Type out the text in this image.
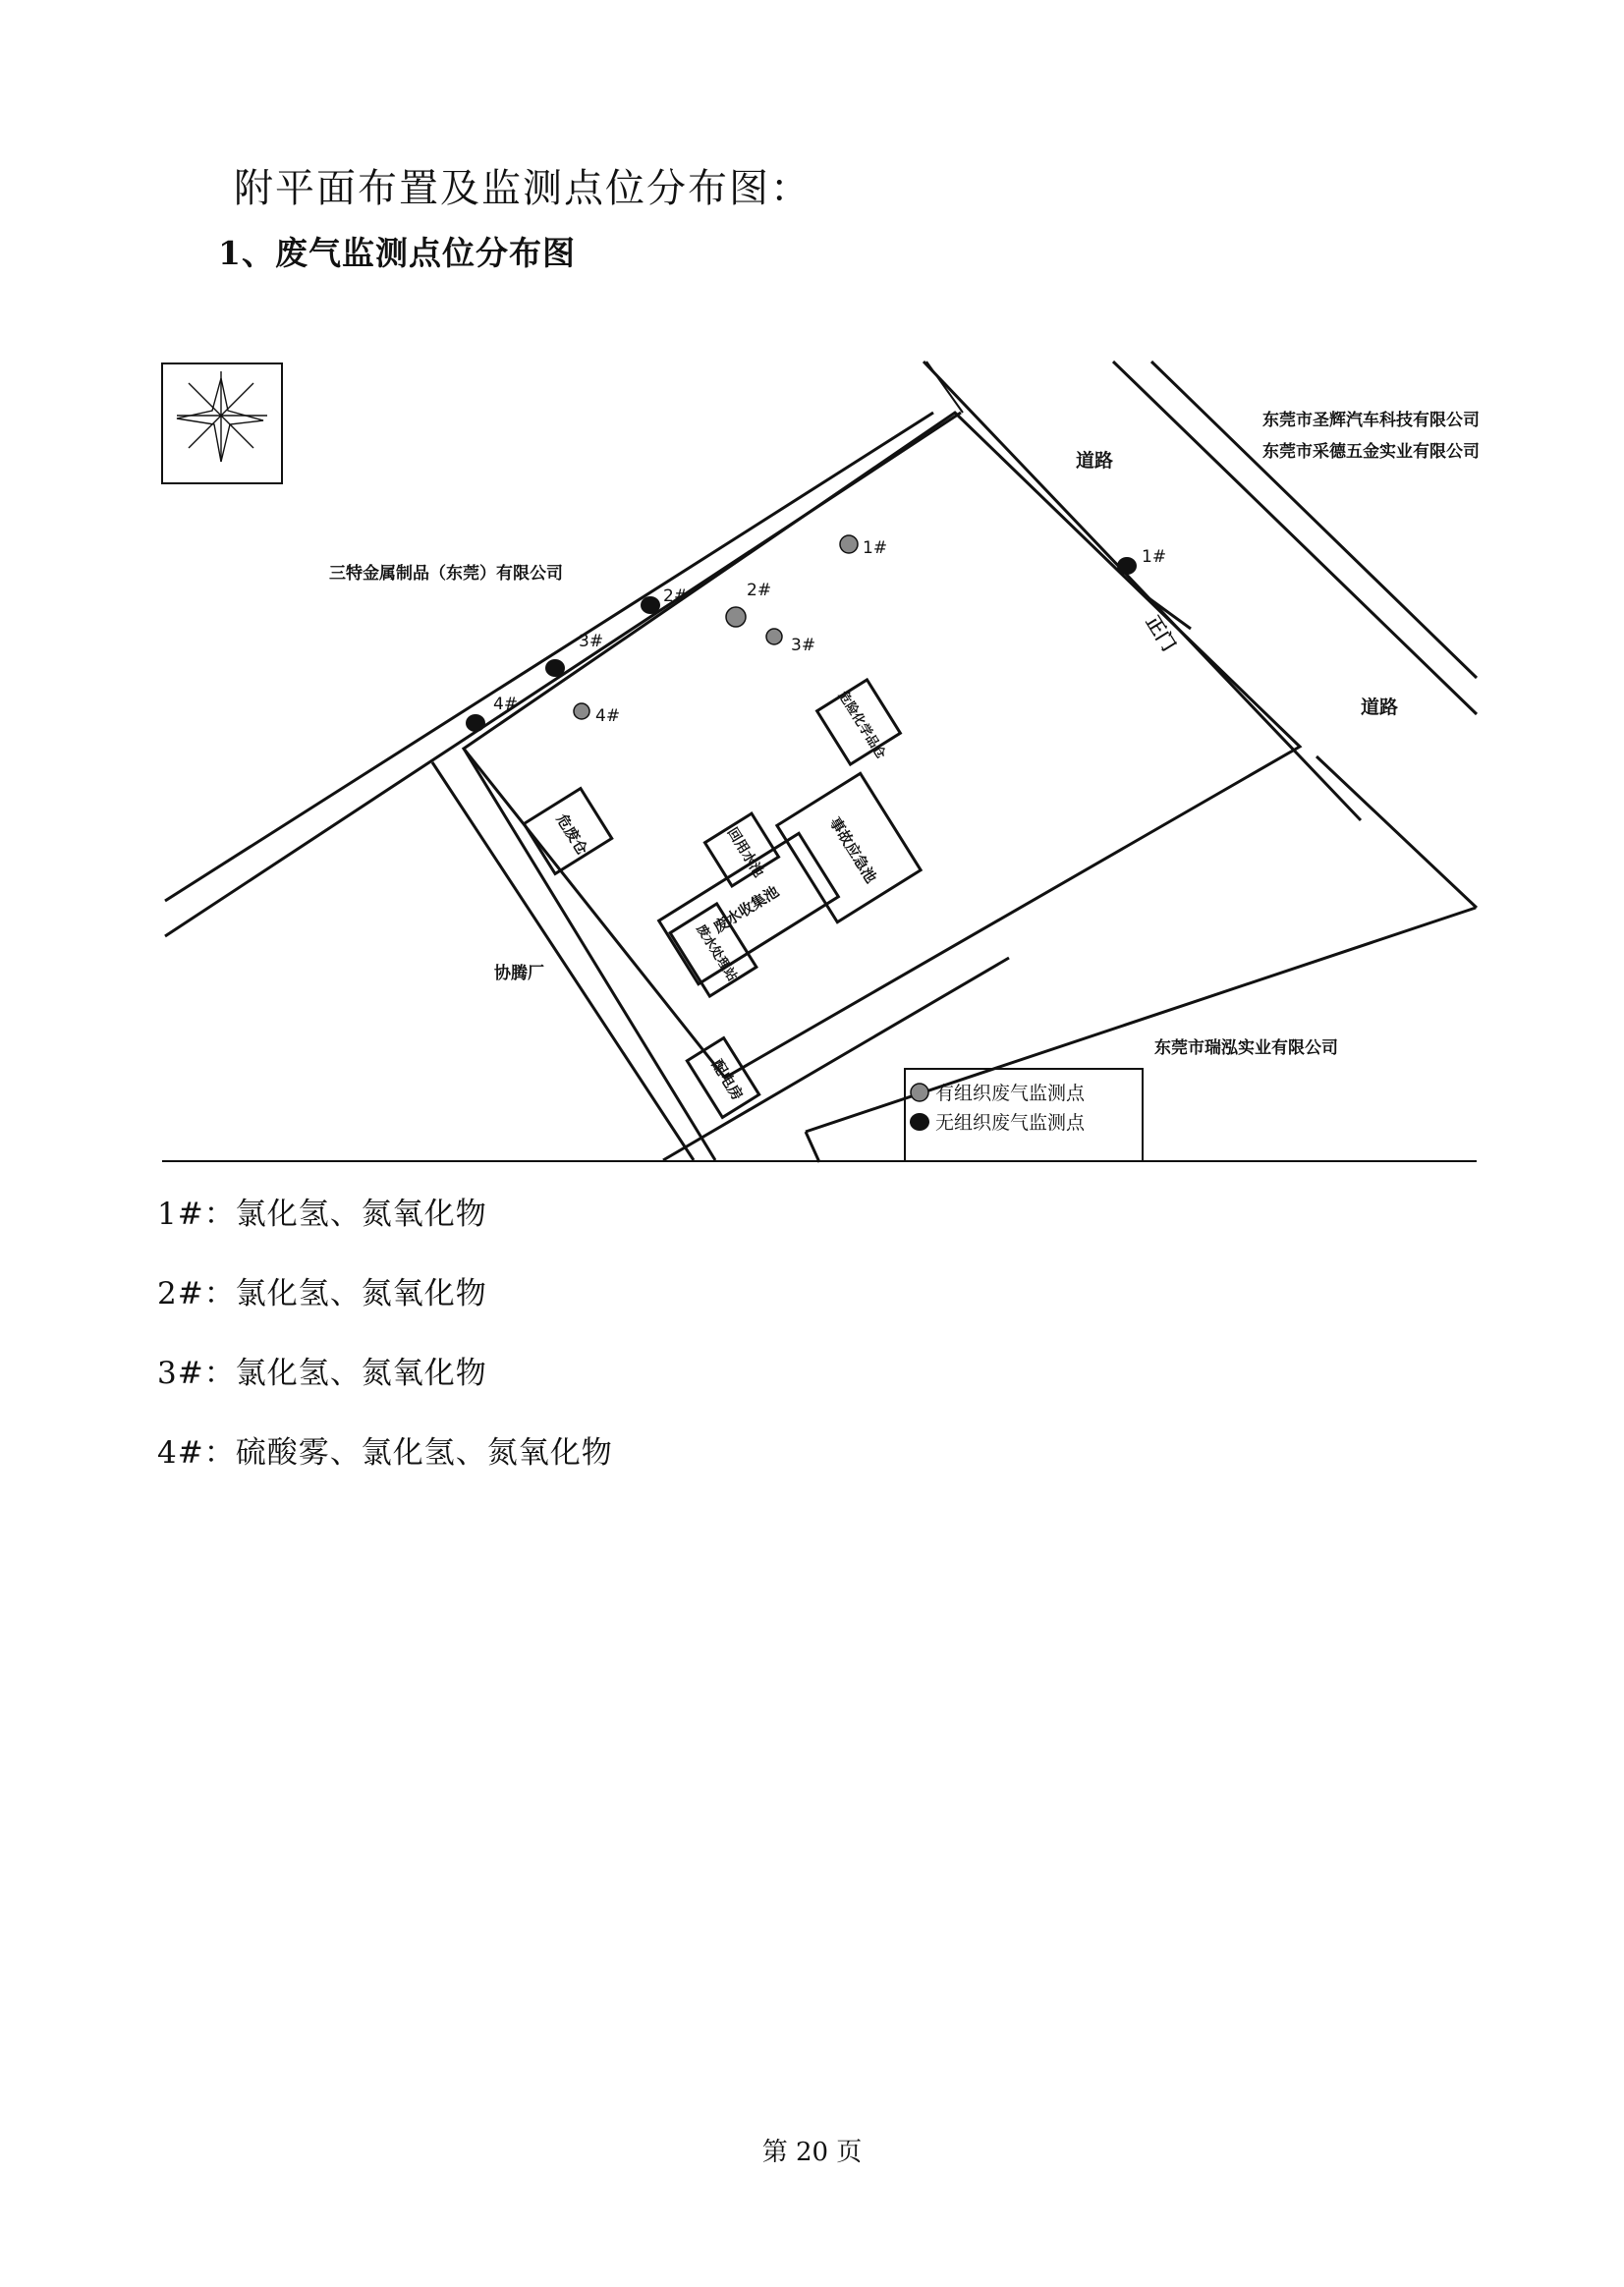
附平面布置及监测点位分布图：
1、废气监测点位分布图
1#
2#
3#
4#
1#
2#
3#
4#
东莞市圣辉汽车科技有限公司
东莞市采德五金实业有限公司
三特金属制品（东莞）有限公司
协腾厂
东莞市瑞泓实业有限公司
道路
道路
正门
危废仓
危险化学品仓
事故应急池
回用水池
废水收集池
废水处理站
配电房	有组织废气监测点
无组织废气监测点
1#：氯化氢、氮氧化物
2#：氯化氢、氮氧化物
3#：氯化氢、氮氧化物
4#：硫酸雾、氯化氢、氮氧化物
第 20 页
